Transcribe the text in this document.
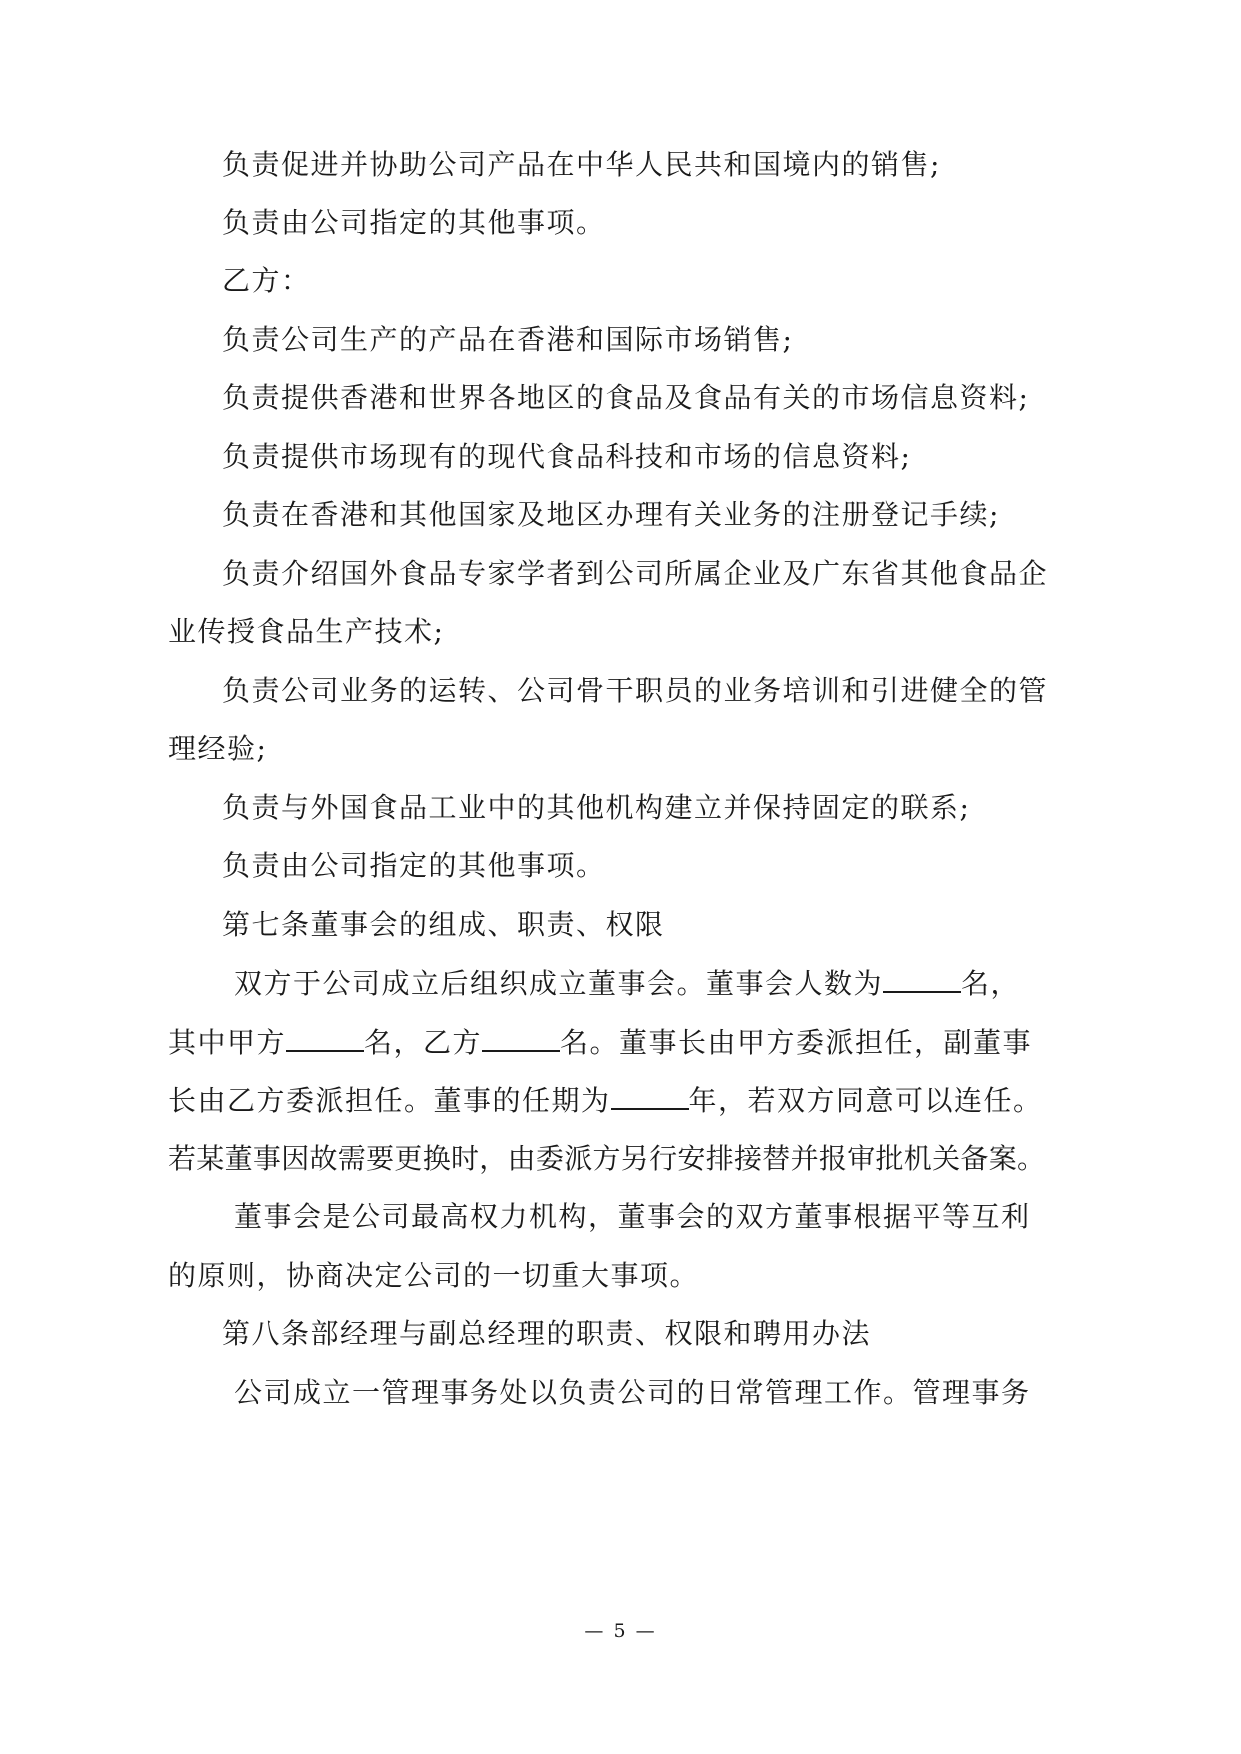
负责促进并协助公司产品在中华人民共和国境内的销售;
负责由公司指定的其他事项。
乙方：
负责公司生产的产品在香港和国际市场销售;
负责提供香港和世界各地区的食品及食品有关的市场信息资料;
负责提供市场现有的现代食品科技和市场的信息资料;
负责在香港和其他国家及地区办理有关业务的注册登记手续;
负责介绍国外食品专家学者到公司所属企业及广东省其他食品企
业传授食品生产技术;
负责公司业务的运转、公司骨干职员的业务培训和引进健全的管
理经验;
负责与外国食品工业中的其他机构建立并保持固定的联系;
负责由公司指定的其他事项。
第七条董事会的组成、职责、权限
双方于公司成立后组织成立董事会。董事会人数为	名，
其中甲方	名，乙方	名。董事长由甲方委派担任，副董事
长由乙方委派担任。董事的任期为	年，若双方同意可以连任。
若某董事因故需要更换时，由委派方另行安排接替并报审批机关备案。
董事会是公司最高权力机构，董事会的双方董事根据平等互利
的原则，协商决定公司的一切重大事项。
第八条部经理与副总经理的职责、权限和聘用办法
公司成立一管理事务处以负责公司的日常管理工作。管理事务
— 5 —
